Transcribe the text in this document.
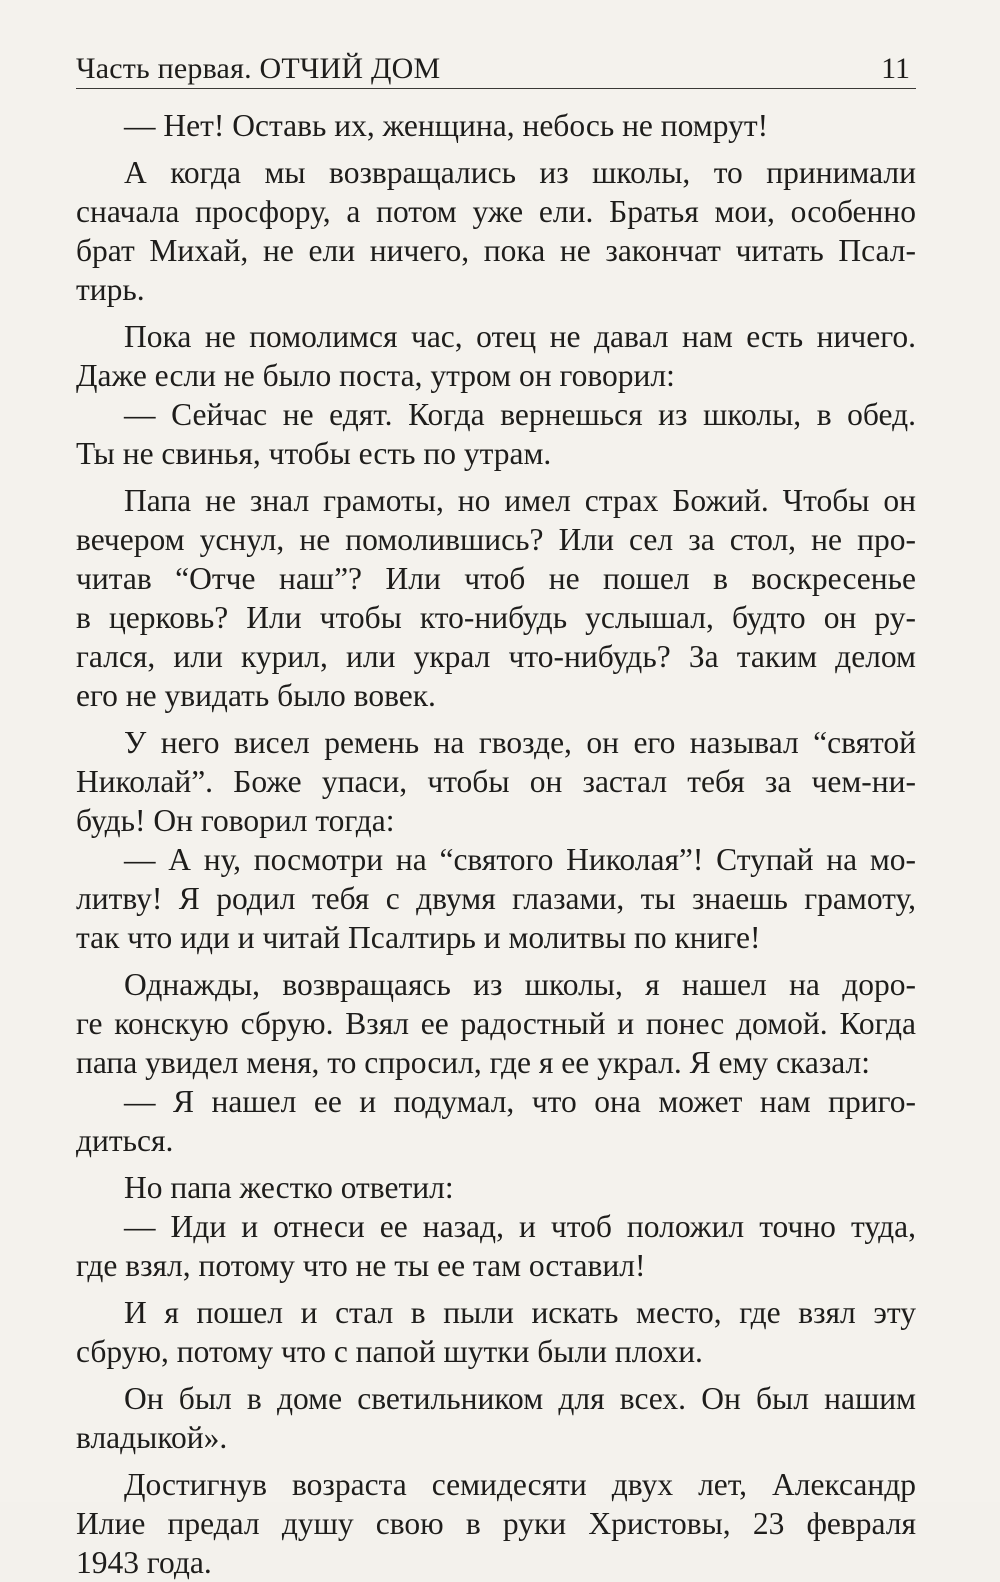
Часть первая. ОТЧИЙ ДОМ	11
— Нет! Оставь их, женщина, небось не помрут!
А когда мы возвращались из школы, то принимали
сначала просфору, а потом уже ели. Братья мои, особенно
брат Михай, не ели ничего, пока не закончат читать Псал-
тирь.
Пока не помолимся час, отец не давал нам есть ничего.
Даже если не было поста, утром он говорил:
— Сейчас не едят. Когда вернешься из школы, в обед.
Ты не свинья, чтобы есть по утрам.
Папа не знал грамоты, но имел страх Божий. Чтобы он
вечером уснул, не помолившись? Или сел за стол, не про-
читав “Отче наш”? Или чтоб не пошел в воскресенье
в церковь? Или чтобы кто-нибудь услышал, будто он ру-
гался, или курил, или украл что-нибудь? За таким делом
его не увидать было вовек.
У него висел ремень на гвозде, он его называл “святой
Николай”. Боже упаси, чтобы он застал тебя за чем-ни-
будь! Он говорил тогда:
— А ну, посмотри на “святого Николая”! Ступай на мо-
литву! Я родил тебя с двумя глазами, ты знаешь грамоту,
так что иди и читай Псалтирь и молитвы по книге!
Однажды, возвращаясь из школы, я нашел на доро-
ге конскую сбрую. Взял ее радостный и понес домой. Когда
папа увидел меня, то спросил, где я ее украл. Я ему сказал:
— Я нашел ее и подумал, что она может нам приго-
диться.
Но папа жестко ответил:
— Иди и отнеси ее назад, и чтоб положил точно туда,
где взял, потому что не ты ее там оставил!
И я пошел и стал в пыли искать место, где взял эту
сбрую, потому что с папой шутки были плохи.
Он был в доме светильником для всех. Он был нашим
владыкой».
Достигнув возраста семидесяти двух лет, Александр
Илие предал душу свою в руки Христовы, 23 февраля
1943 года.
